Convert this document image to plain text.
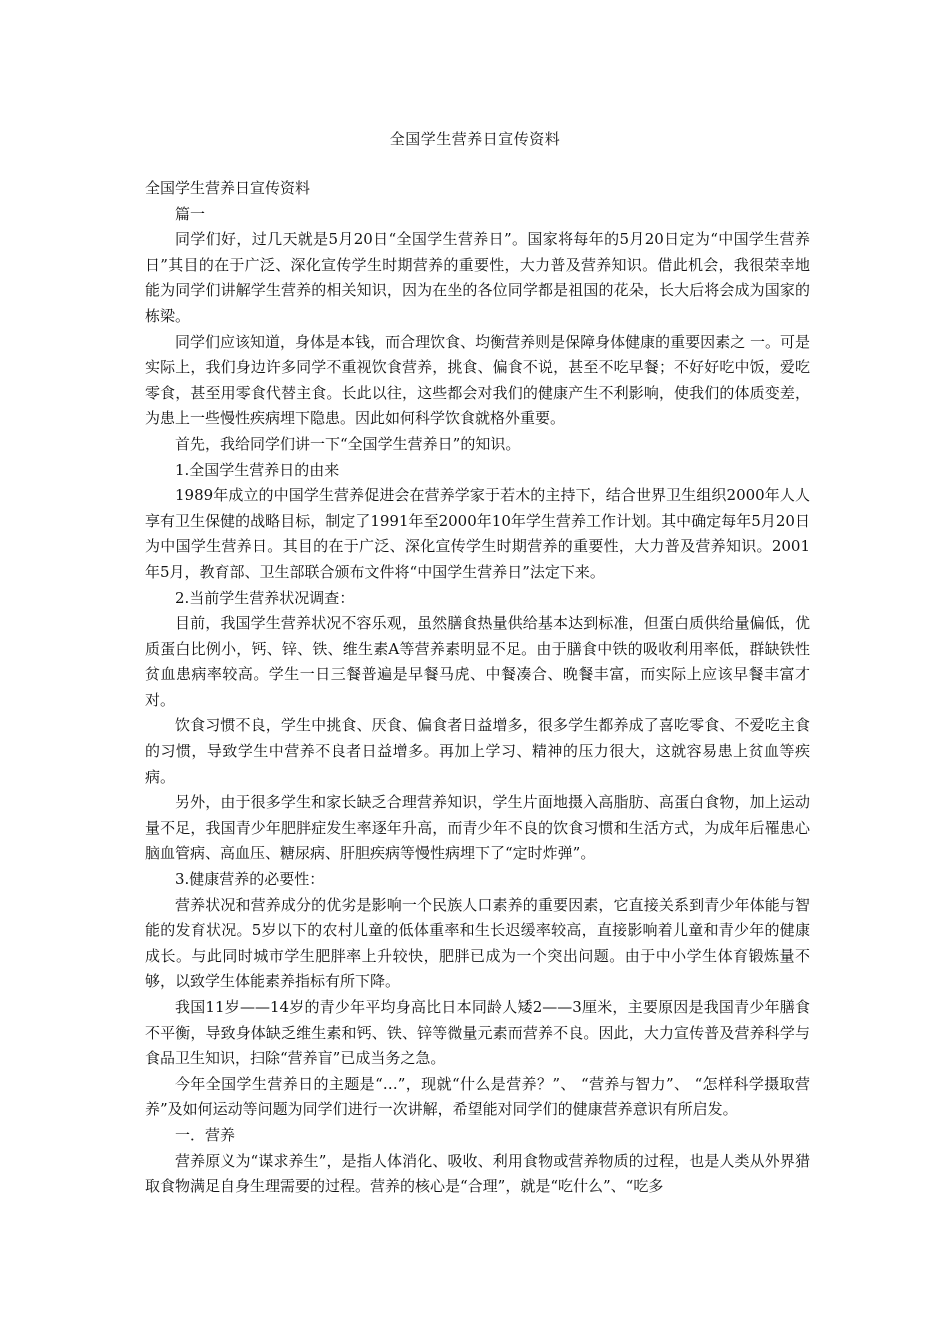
全国学生营养日宣传资料

全国学生营养日宣传资料

篇一

同学们好，过几天就是5月20日“全国学生营养日”。国家将每年的5月20日定为“中国学生营养日”其目的在于广泛、深化宣传学生时期营养的重要性，大力普及营养知识。借此机会，我很荣幸地能为同学们讲解学生营养的相关知识，因为在坐的各位同学都是祖国的花朵，长大后将会成为国家的栋梁。

同学们应该知道，身体是本钱，而合理饮食、均衡营养则是保障身体健康的重要因素之 一。可是实际上，我们身边许多同学不重视饮食营养，挑食、偏食不说，甚至不吃早餐；不好好吃中饭，爱吃零食，甚至用零食代替主食。长此以往，这些都会对我们的健康产生不利影响，使我们的体质变差，为患上一些慢性疾病埋下隐患。因此如何科学饮食就格外重要。

首先，我给同学们讲一下“全国学生营养日”的知识。

1.全国学生营养日的由来

1989年成立的中国学生营养促进会在营养学家于若木的主持下，结合世界卫生组织2000年人人享有卫生保健的战略目标，制定了1991年至2000年10年学生营养工作计划。其中确定每年5月20日为中国学生营养日。其目的在于广泛、深化宣传学生时期营养的重要性，大力普及营养知识。2001年5月，教育部、卫生部联合颁布文件将“中国学生营养日”法定下来。

2.当前学生营养状况调查：

目前，我国学生营养状况不容乐观，虽然膳食热量供给基本达到标准，但蛋白质供给量偏低，优质蛋白比例小，钙、锌、铁、维生素A等营养素明显不足。由于膳食中铁的吸收利用率低，群缺铁性贫血患病率较高。学生一日三餐普遍是早餐马虎、中餐凑合、晚餐丰富，而实际上应该早餐丰富才对。

饮食习惯不良，学生中挑食、厌食、偏食者日益增多，很多学生都养成了喜吃零食、不爱吃主食的习惯，导致学生中营养不良者日益增多。再加上学习、精神的压力很大，这就容易患上贫血等疾病。

另外，由于很多学生和家长缺乏合理营养知识，学生片面地摄入高脂肪、高蛋白食物，加上运动量不足，我国青少年肥胖症发生率逐年升高，而青少年不良的饮食习惯和生活方式，为成年后罹患心脑血管病、高血压、糖尿病、肝胆疾病等慢性病埋下了“定时炸弹”。

3.健康营养的必要性：

营养状况和营养成分的优劣是影响一个民族人口素养的重要因素，它直接关系到青少年体能与智能的发育状况。5岁以下的农村儿童的低体重率和生长迟缓率较高，直接影响着儿童和青少年的健康成长。与此同时城市学生肥胖率上升较快，肥胖已成为一个突出问题。由于中小学生体育锻炼量不够，以致学生体能素养指标有所下降。

我国11岁——14岁的青少年平均身高比日本同龄人矮2——3厘米，主要原因是我国青少年膳食不平衡，导致身体缺乏维生素和钙、铁、锌等微量元素而营养不良。因此，大力宣传普及营养科学与食品卫生知识，扫除“营养盲”已成当务之急。

今年全国学生营养日的主题是“…”，现就“什么是营养？”、 “营养与智力”、 “怎样科学摄取营养”及如何运动等问题为同学们进行一次讲解，希望能对同学们的健康营养意识有所启发。

一．营养

营养原义为“谋求养生”，是指人体消化、吸收、利用食物或营养物质的过程，也是人类从外界猎取食物满足自身生理需要的过程。营养的核心是“合理”，就是“吃什么”、“吃多
